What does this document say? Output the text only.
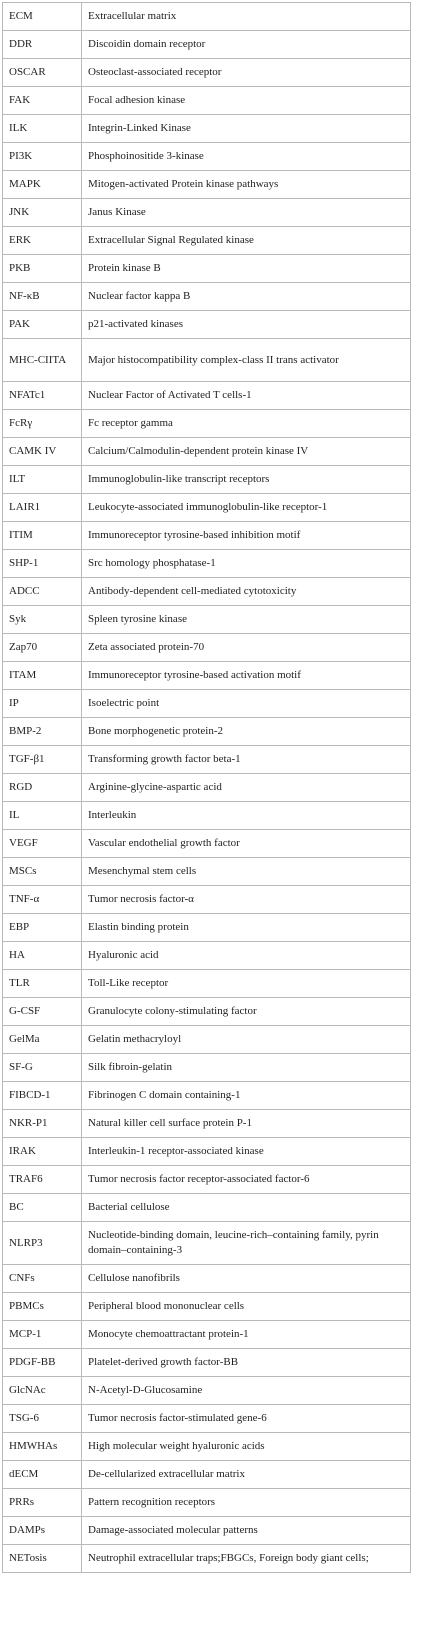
ECM	Extracellular matrix
DDR	Discoidin domain receptor
OSCAR	Osteoclast-associated receptor
FAK	Focal adhesion kinase
ILK	Integrin-Linked Kinase
PI3K	Phosphoinositide 3-kinase
MAPK	Mitogen-activated Protein kinase pathways
JNK	Janus Kinase
ERK	Extracellular Signal Regulated kinase
PKB	Protein kinase B
NF-κB	Nuclear factor kappa B
PAK	p21-activated kinases
MHC-CIITA	Major histocompatibility complex-class II trans activator
NFATc1	Nuclear Factor of Activated T cells-1
FcRγ	Fc receptor gamma
CAMK IV	Calcium/Calmodulin-dependent protein kinase IV
ILT	Immunoglobulin-like transcript receptors
LAIR1	Leukocyte-associated immunoglobulin-like receptor-1
ITIM	Immunoreceptor tyrosine-based inhibition motif
SHP-1	Src homology phosphatase-1
ADCC	Antibody-dependent cell-mediated cytotoxicity
Syk	Spleen tyrosine kinase
Zap70	Zeta associated protein-70
ITAM	Immunoreceptor tyrosine-based activation motif
IP	Isoelectric point
BMP-2	Bone morphogenetic protein-2
TGF-β1	Transforming growth factor beta-1
RGD	Arginine-glycine-aspartic acid
IL	Interleukin
VEGF	Vascular endothelial growth factor
MSCs	Mesenchymal stem cells
TNF-α	Tumor necrosis factor-α
EBP	Elastin binding protein
HA	Hyaluronic acid
TLR	Toll-Like receptor
G-CSF	Granulocyte colony-stimulating factor
GelMa	Gelatin methacryloyl
SF-G	Silk fibroin-gelatin
FIBCD-1	Fibrinogen C domain containing-1
NKR-P1	Natural killer cell surface protein P-1
IRAK	Interleukin-1 receptor-associated kinase
TRAF6	Tumor necrosis factor receptor-associated factor-6
BC	Bacterial cellulose
NLRP3	Nucleotide-binding domain, leucine-rich–containing family, pyrin domain–containing-3
CNFs	Cellulose nanofibrils
PBMCs	Peripheral blood mononuclear cells
MCP-1	Monocyte chemoattractant protein-1
PDGF-BB	Platelet-derived growth factor-BB
GlcNAc	N-Acetyl-D-Glucosamine
TSG-6	Tumor necrosis factor-stimulated gene-6
HMWHAs	High molecular weight hyaluronic acids
dECM	De-cellularized extracellular matrix
PRRs	Pattern recognition receptors
DAMPs	Damage-associated molecular patterns
NETosis	Neutrophil extracellular traps;FBGCs, Foreign body giant cells;
